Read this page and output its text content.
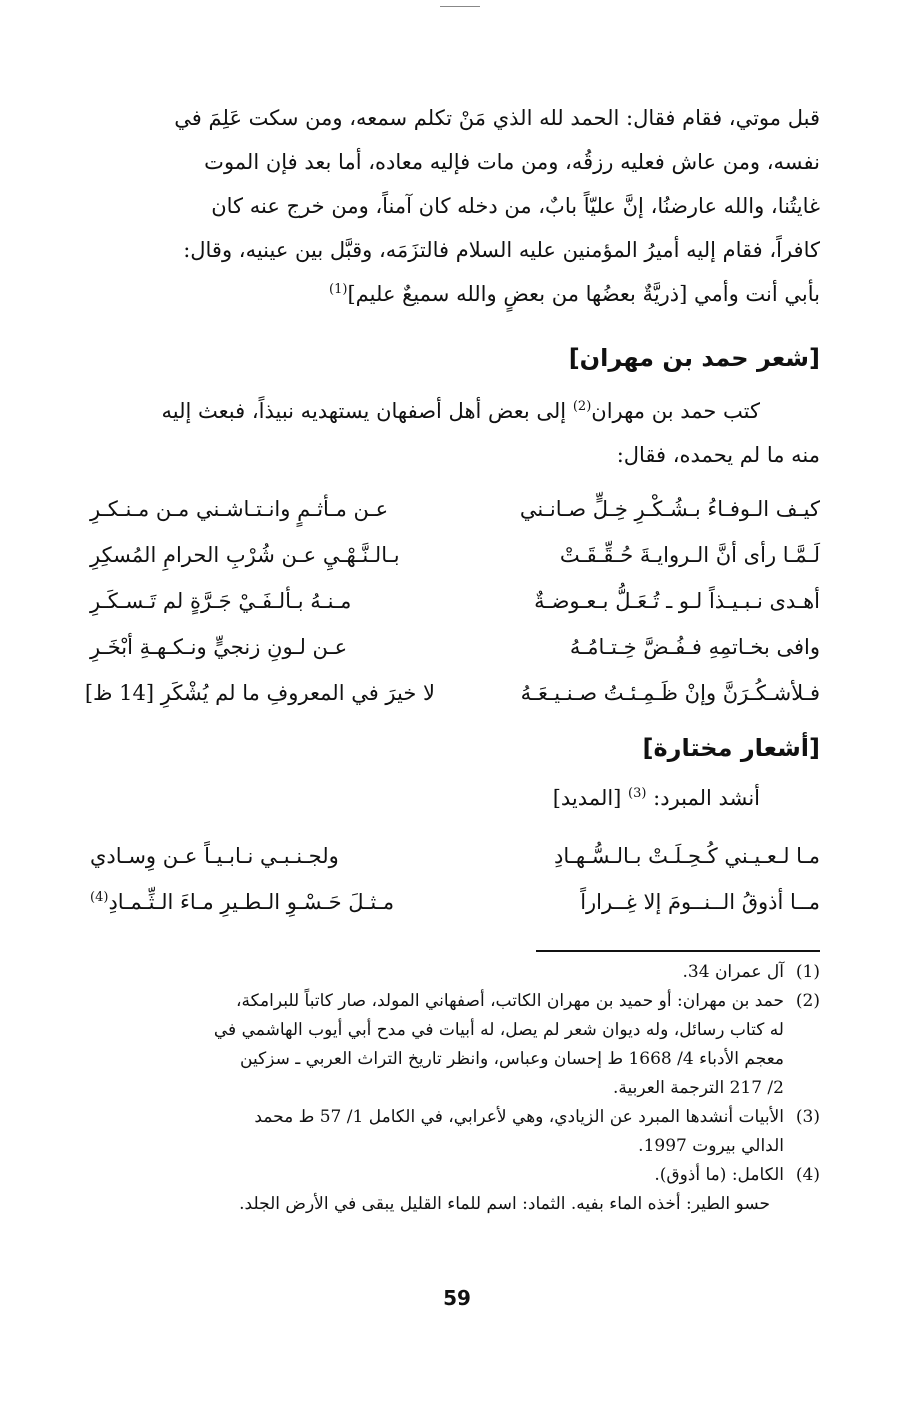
قبل موتي، فقام فقال: الحمد لله الذي مَنْ تكلم سمعه، ومن سكت عَلِمَ في
نفسه، ومن عاش فعليه رزقُه، ومن مات فإليه معاده، أما بعد فإن الموت
غايتُنا، والله عارضنُا، إنَّ عليّاً بابٌ، من دخله كان آمناً، ومن خرج عنه كان
كافراً، فقام إليه أميرُ المؤمنين عليه السلام فالتزَمَه، وقبَّل بين عينيه، وقال:
بأبي أنت وأمي [ذريَّةٌ بعضُها من بعضٍ والله سميعٌ عليم]$^{(1)}$
[شعر حمد بن مهران]
كتب حمد بن مهران$^{(2)}$ إلى بعض أهل أصفهان يستهديه نبيذاً، فبعث إليه
منه ما لم يحمده، فقال:
كيـف الـوفـاءُ بـشُـكْـرِ خِـلٍّ صـانـني
عـن مـأثـمٍ وانـتـاشـني مـن مـنـكـرِ
لَـمَّـا رأى أنَّ الـروايـةَ حُـقِّـقَـتْ
بـالـنَّـهْـيِ عـن شُرْبِ الحرامِ المُسكِرِ
أهـدى نـبـيـذاً لـو ـ تُـعَـلُّ بـعـوضـةٌ
مـنـهُ بـألـفَـيْ جَـرَّةٍ لم تَـسـكَـرِ
وافى بخـاتمِهِ فـفُـضَّ خِـتـامُـهُ
عـن لـونِ زنجيٍّ ونـكـهـةِ أبْخَـرِ
فـلأشـكُـرَنَّ وإنْ ظَـمِـئـتُ صـنـيـعَـهُ
لا خيرَ في المعروفِ ما لم يُشْكَرِ [14 ظ]
[أشعار مختارة]
أنشد المبرد: $^{(3)}$ [المديد]
مـا لـعـيـني كُـحِـلَـتْ بـالـسُّـهـادِ
ولجـنـبـي نـابـيـاً عـن وِسـادي
مــا أذوقُ الــنــومَ إلا غِــراراً
مـثـلَ حَـسْـوِ الـطـيرِ مـاءَ الـثِّـمـادِ$^{(4)}$
(1)
آل عمران 34.
(2)
حمد بن مهران: أو حميد بن مهران الكاتب، أصفهاني المولد، صار كاتباً للبرامكة،
له كتاب رسائل، وله ديوان شعر لم يصل، له أبيات في مدح أبي أيوب الهاشمي في
معجم الأدباء 4/ 1668 ط إحسان وعباس، وانظر تاريخ التراث العربي ـ سزكين
2/ 217 الترجمة العربية.
(3)
الأبيات أنشدها المبرد عن الزيادي، وهي لأعرابي، في الكامل 1/ 57 ط محمد
الدالي بيروت 1997.
(4)
الكامل: (ما أذوق).
حسو الطير: أخذه الماء بفيه. الثماد: اسم للماء القليل يبقى في الأرض الجلد.
59
